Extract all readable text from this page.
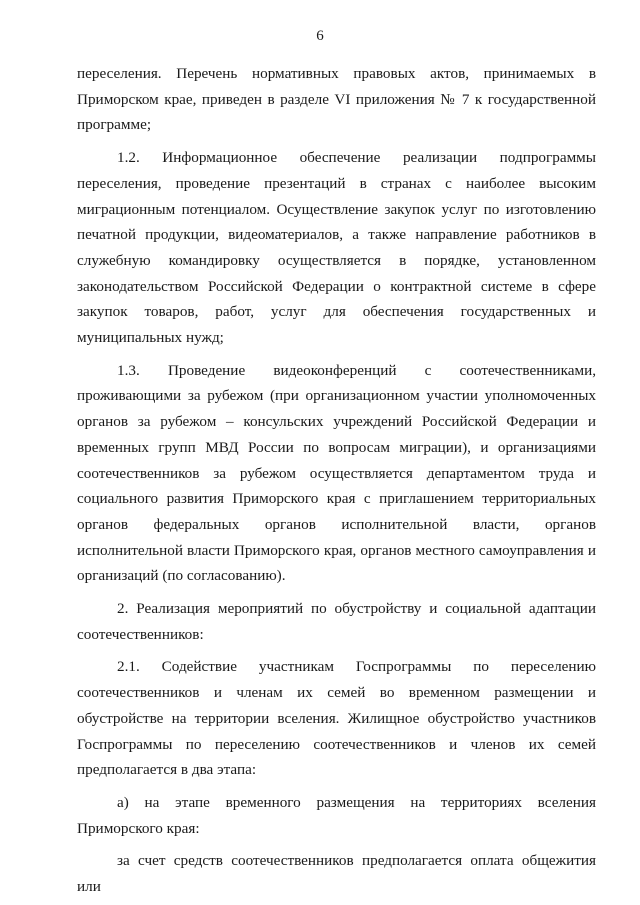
6

переселения. Перечень нормативных правовых актов, принимаемых в Приморском крае, приведен в разделе VI приложения № 7 к государственной программе;

1.2. Информационное обеспечение реализации подпрограммы переселения, проведение презентаций в странах с наиболее высоким миграционным потенциалом. Осуществление закупок услуг по изготовлению печатной продукции, видеоматериалов, а также направление работников в служебную командировку осуществляется в порядке, установленном законодательством Российской Федерации о контрактной системе в сфере закупок товаров, работ, услуг для обеспечения государственных и муниципальных нужд;

1.3. Проведение видеоконференций с соотечественниками, проживающими за рубежом (при организационном участии уполномоченных органов за рубежом – консульских учреждений Российской Федерации и временных групп МВД России по вопросам миграции), и организациями соотечественников за рубежом осуществляется департаментом труда и социального развития Приморского края с приглашением территориальных органов федеральных органов исполнительной власти, органов исполнительной власти Приморского края, органов местного самоуправления и организаций (по согласованию).

2. Реализация мероприятий по обустройству и социальной адаптации соотечественников:

2.1. Содействие участникам Госпрограммы по переселению соотечественников и членам их семей во временном размещении и обустройстве на территории вселения. Жилищное обустройство участников Госпрограммы по переселению соотечественников и членов их семей предполагается в два этапа:

а) на этапе временного размещения на территориях вселения Приморского края:

за счет средств соотечественников предполагается оплата общежития или
